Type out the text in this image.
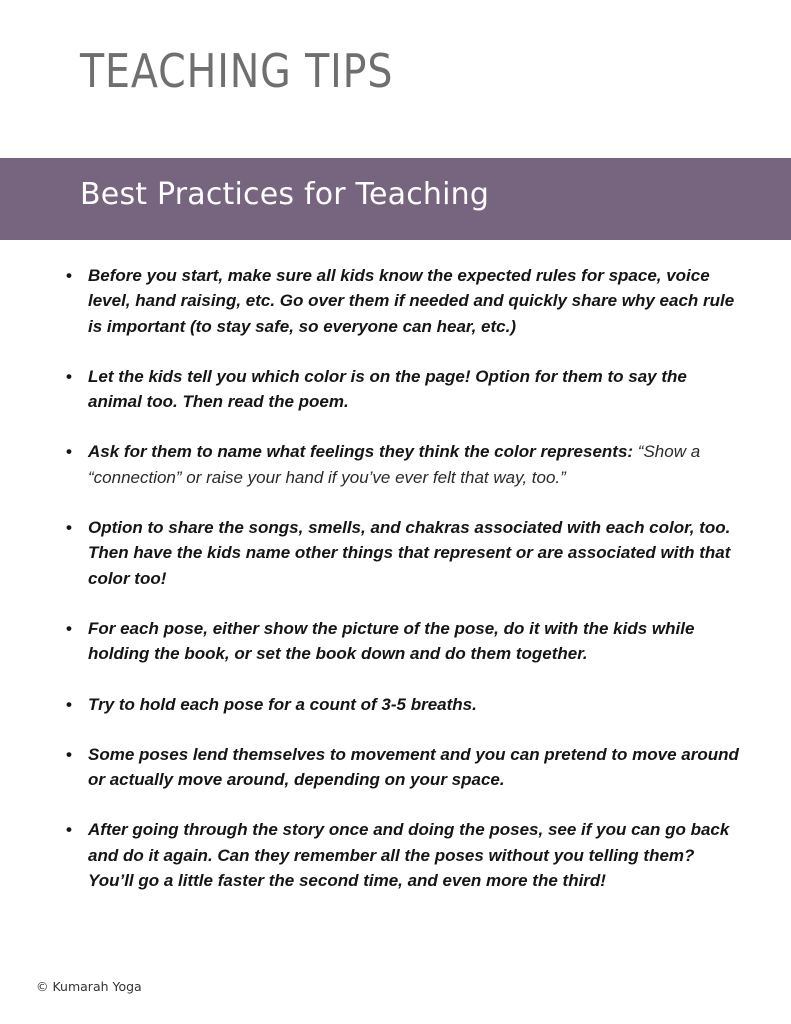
TEACHING TIPS
Best Practices for Teaching
• Before you start, make sure all kids know the expected rules for space, voice level, hand raising, etc. Go over them if needed and quickly share why each rule is important (to stay safe, so everyone can hear, etc.)
• Let the kids tell you which color is on the page! Option for them to say the animal too. Then read the poem.
• Ask for them to name what feelings they think the color represents: “Show a “connection” or raise your hand if you’ve ever felt that way, too.”
• Option to share the songs, smells, and chakras associated with each color, too. Then have the kids name other things that represent or are associated with that color too!
• For each pose, either show the picture of the pose, do it with the kids while holding the book, or set the book down and do them together.
• Try to hold each pose for a count of 3-5 breaths.
• Some poses lend themselves to movement and you can pretend to move around or actually move around, depending on your space.
• After going through the story once and doing the poses, see if you can go back and do it again. Can they remember all the poses without you telling them? You’ll go a little faster the second time, and even more the third!
© Kumarah Yoga
